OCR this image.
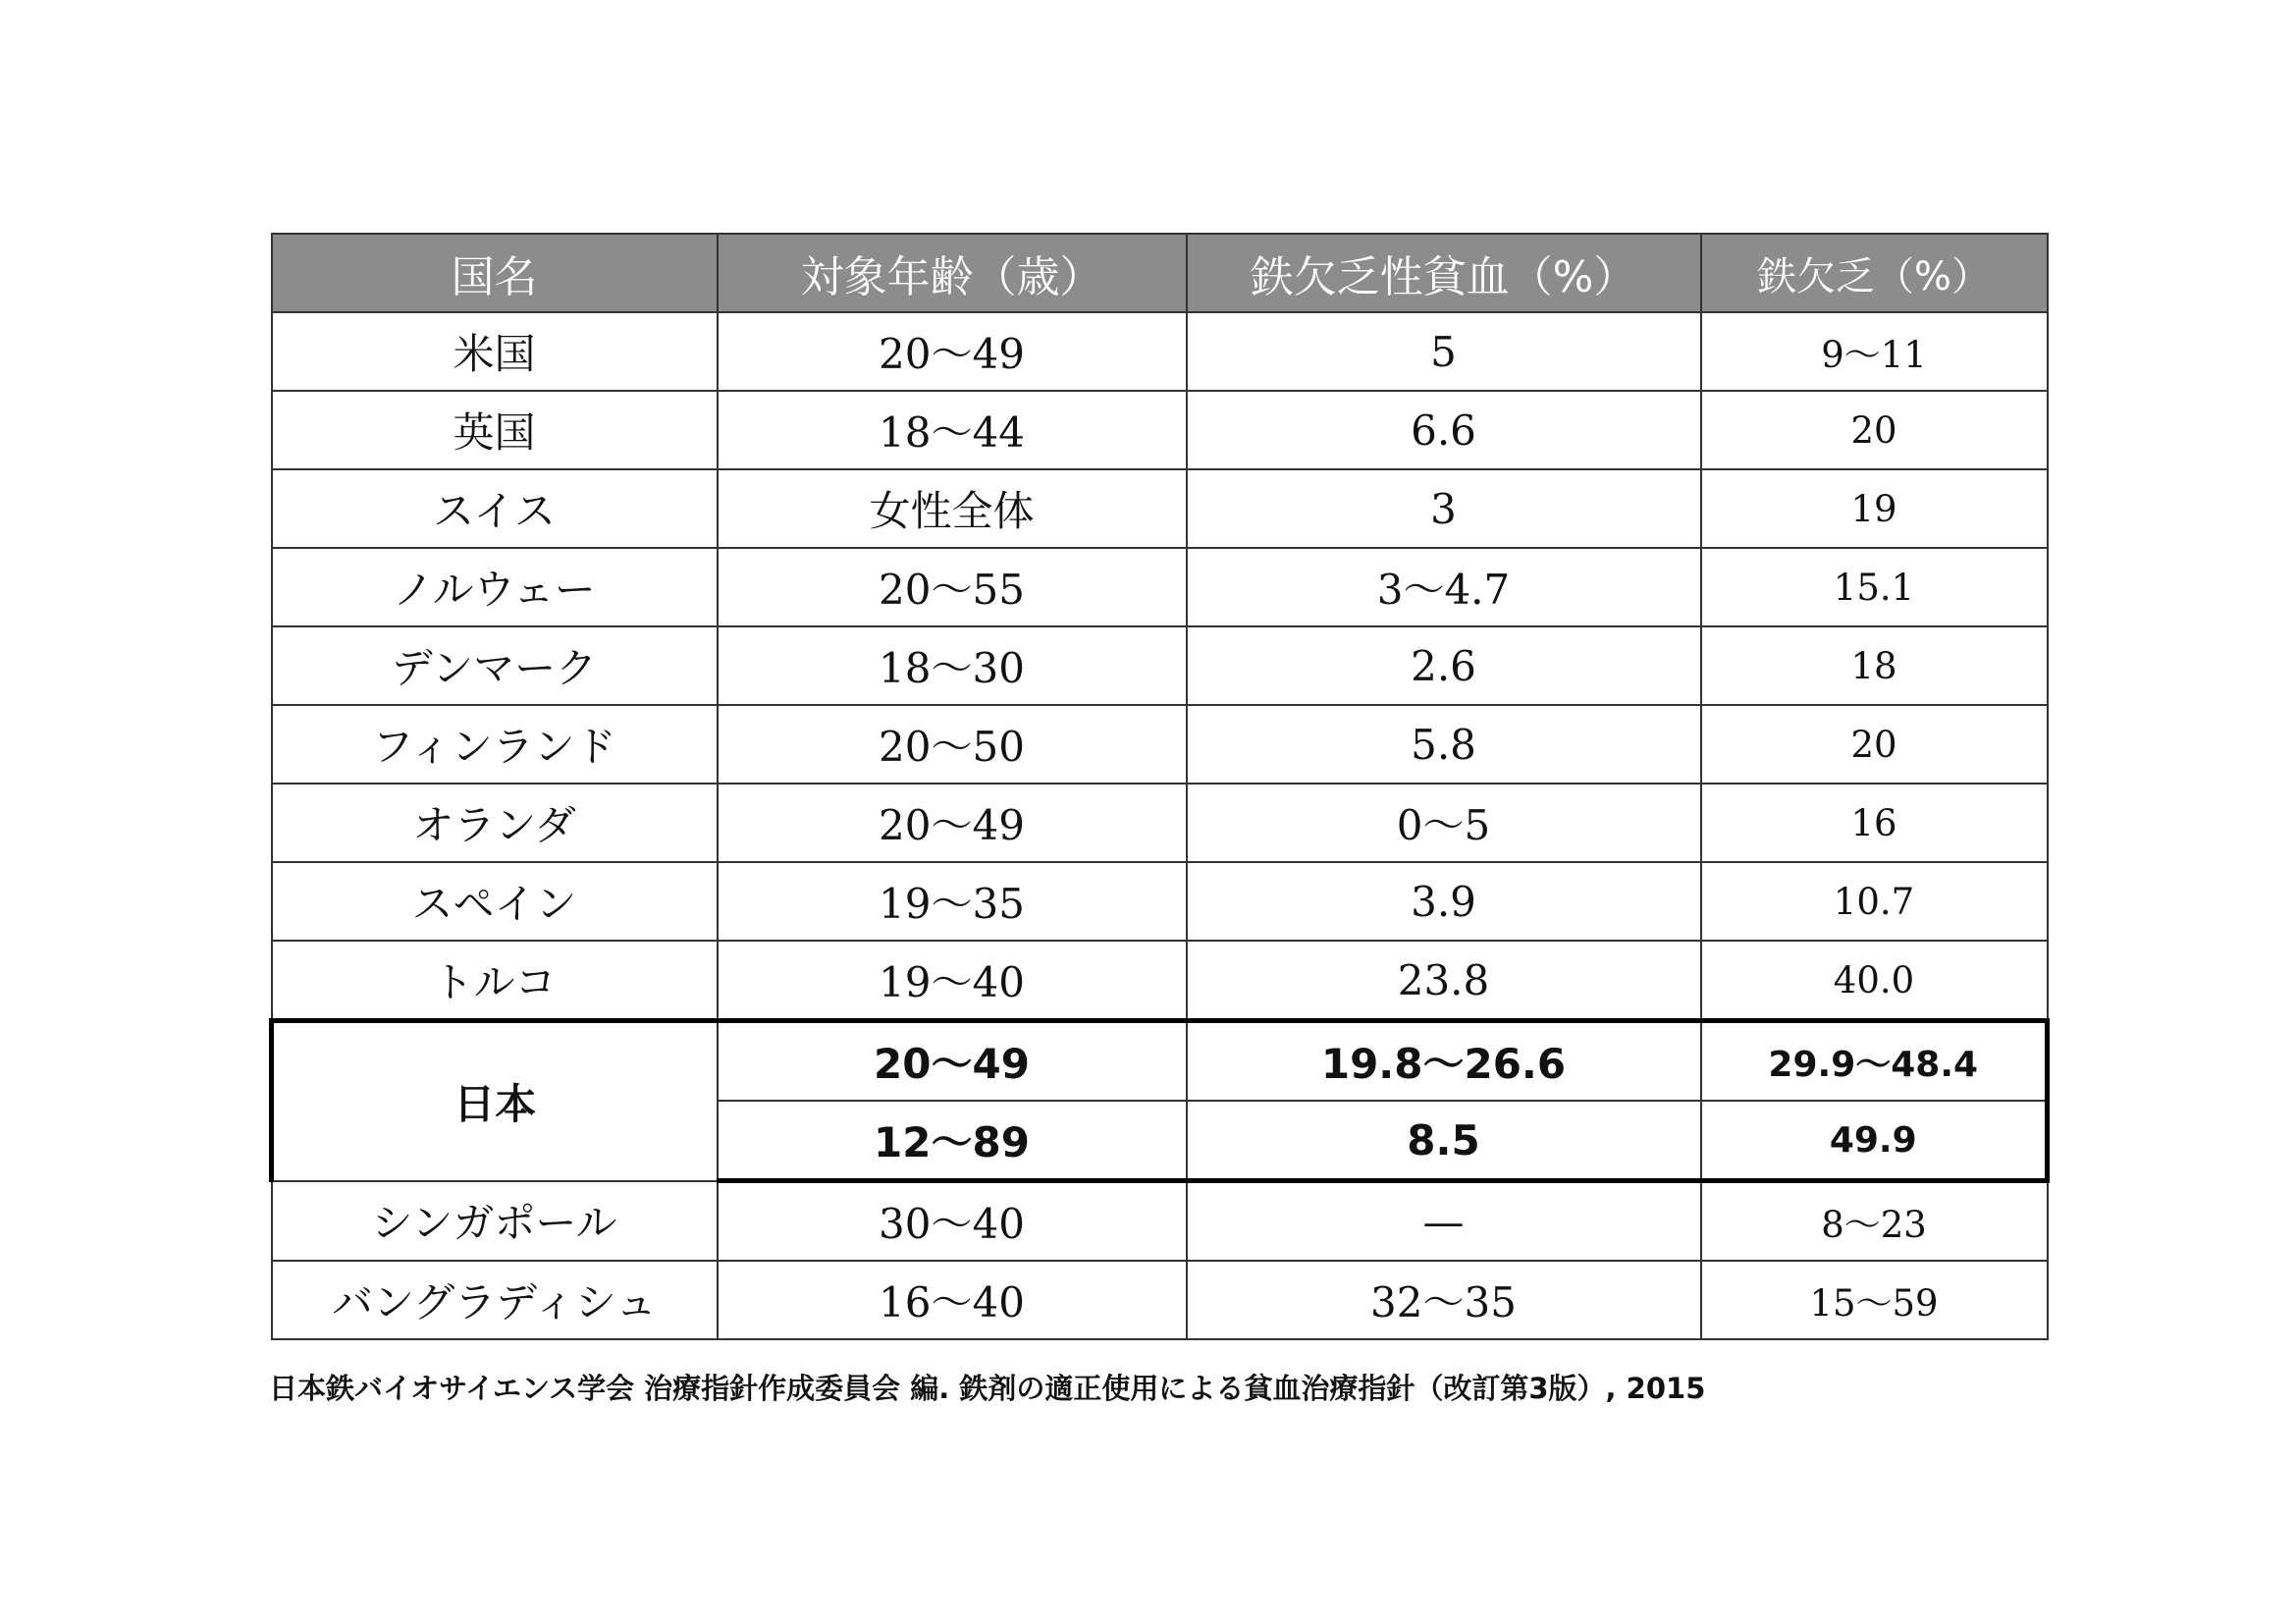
国名	対象年齢（歳）	鉄欠乏性貧血（%）	鉄欠乏（%）
米国	20〜49	5	9〜11
英国	18〜44	6.6	20
スイス	女性全体	3	19
ノルウェー	20〜55	3〜4.7	15.1
デンマーク	18〜30	2.6	18
フィンランド	20〜50	5.8	20
オランダ	20〜49	0〜5	16
スペイン	19〜35	3.9	10.7
トルコ	19〜40	23.8	40.0
日本	20〜49	19.8〜26.6	29.9〜48.4
	12〜89	8.5	49.9
シンガポール	30〜40	—	8〜23
バングラディシュ	16〜40	32〜35	15〜59

日本鉄バイオサイエンス学会 治療指針作成委員会 編. 鉄剤の適正使用による貧血治療指針（改訂第3版）, 2015
